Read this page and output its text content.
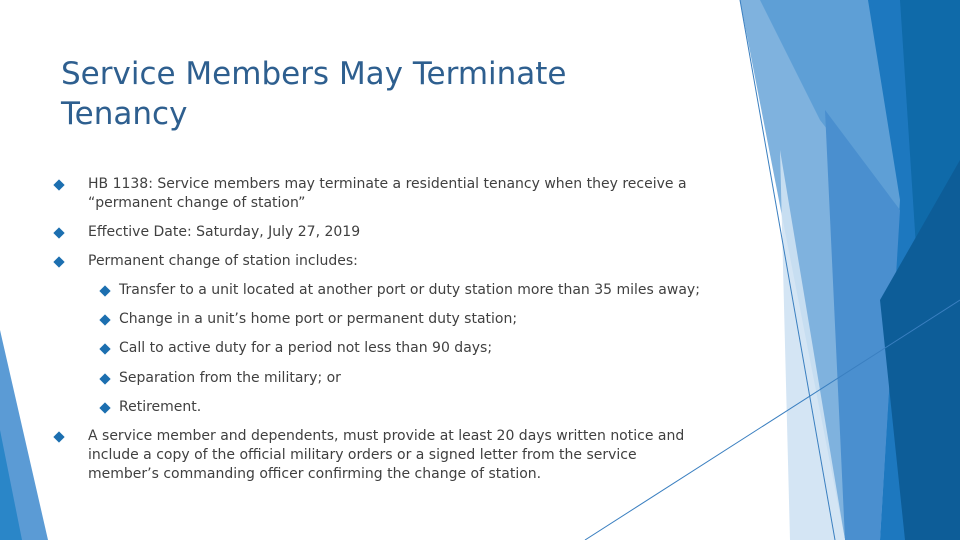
Service Members May Terminate
Tenancy
HB 1138: Service members may terminate a residential tenancy when they receive a “permanent change of station”
Effective Date: Saturday, July 27, 2019
Permanent change of station includes:
Transfer to a unit located at another port or duty station more than 35 miles away;
Change in a unit’s home port or permanent duty station;
Call to active duty for a period not less than 90 days;
Separation from the military; or
Retirement.
A service member and dependents, must provide at least 20 days written notice and include a copy of the official military orders or a signed letter from the service member’s commanding officer confirming the change of station.
